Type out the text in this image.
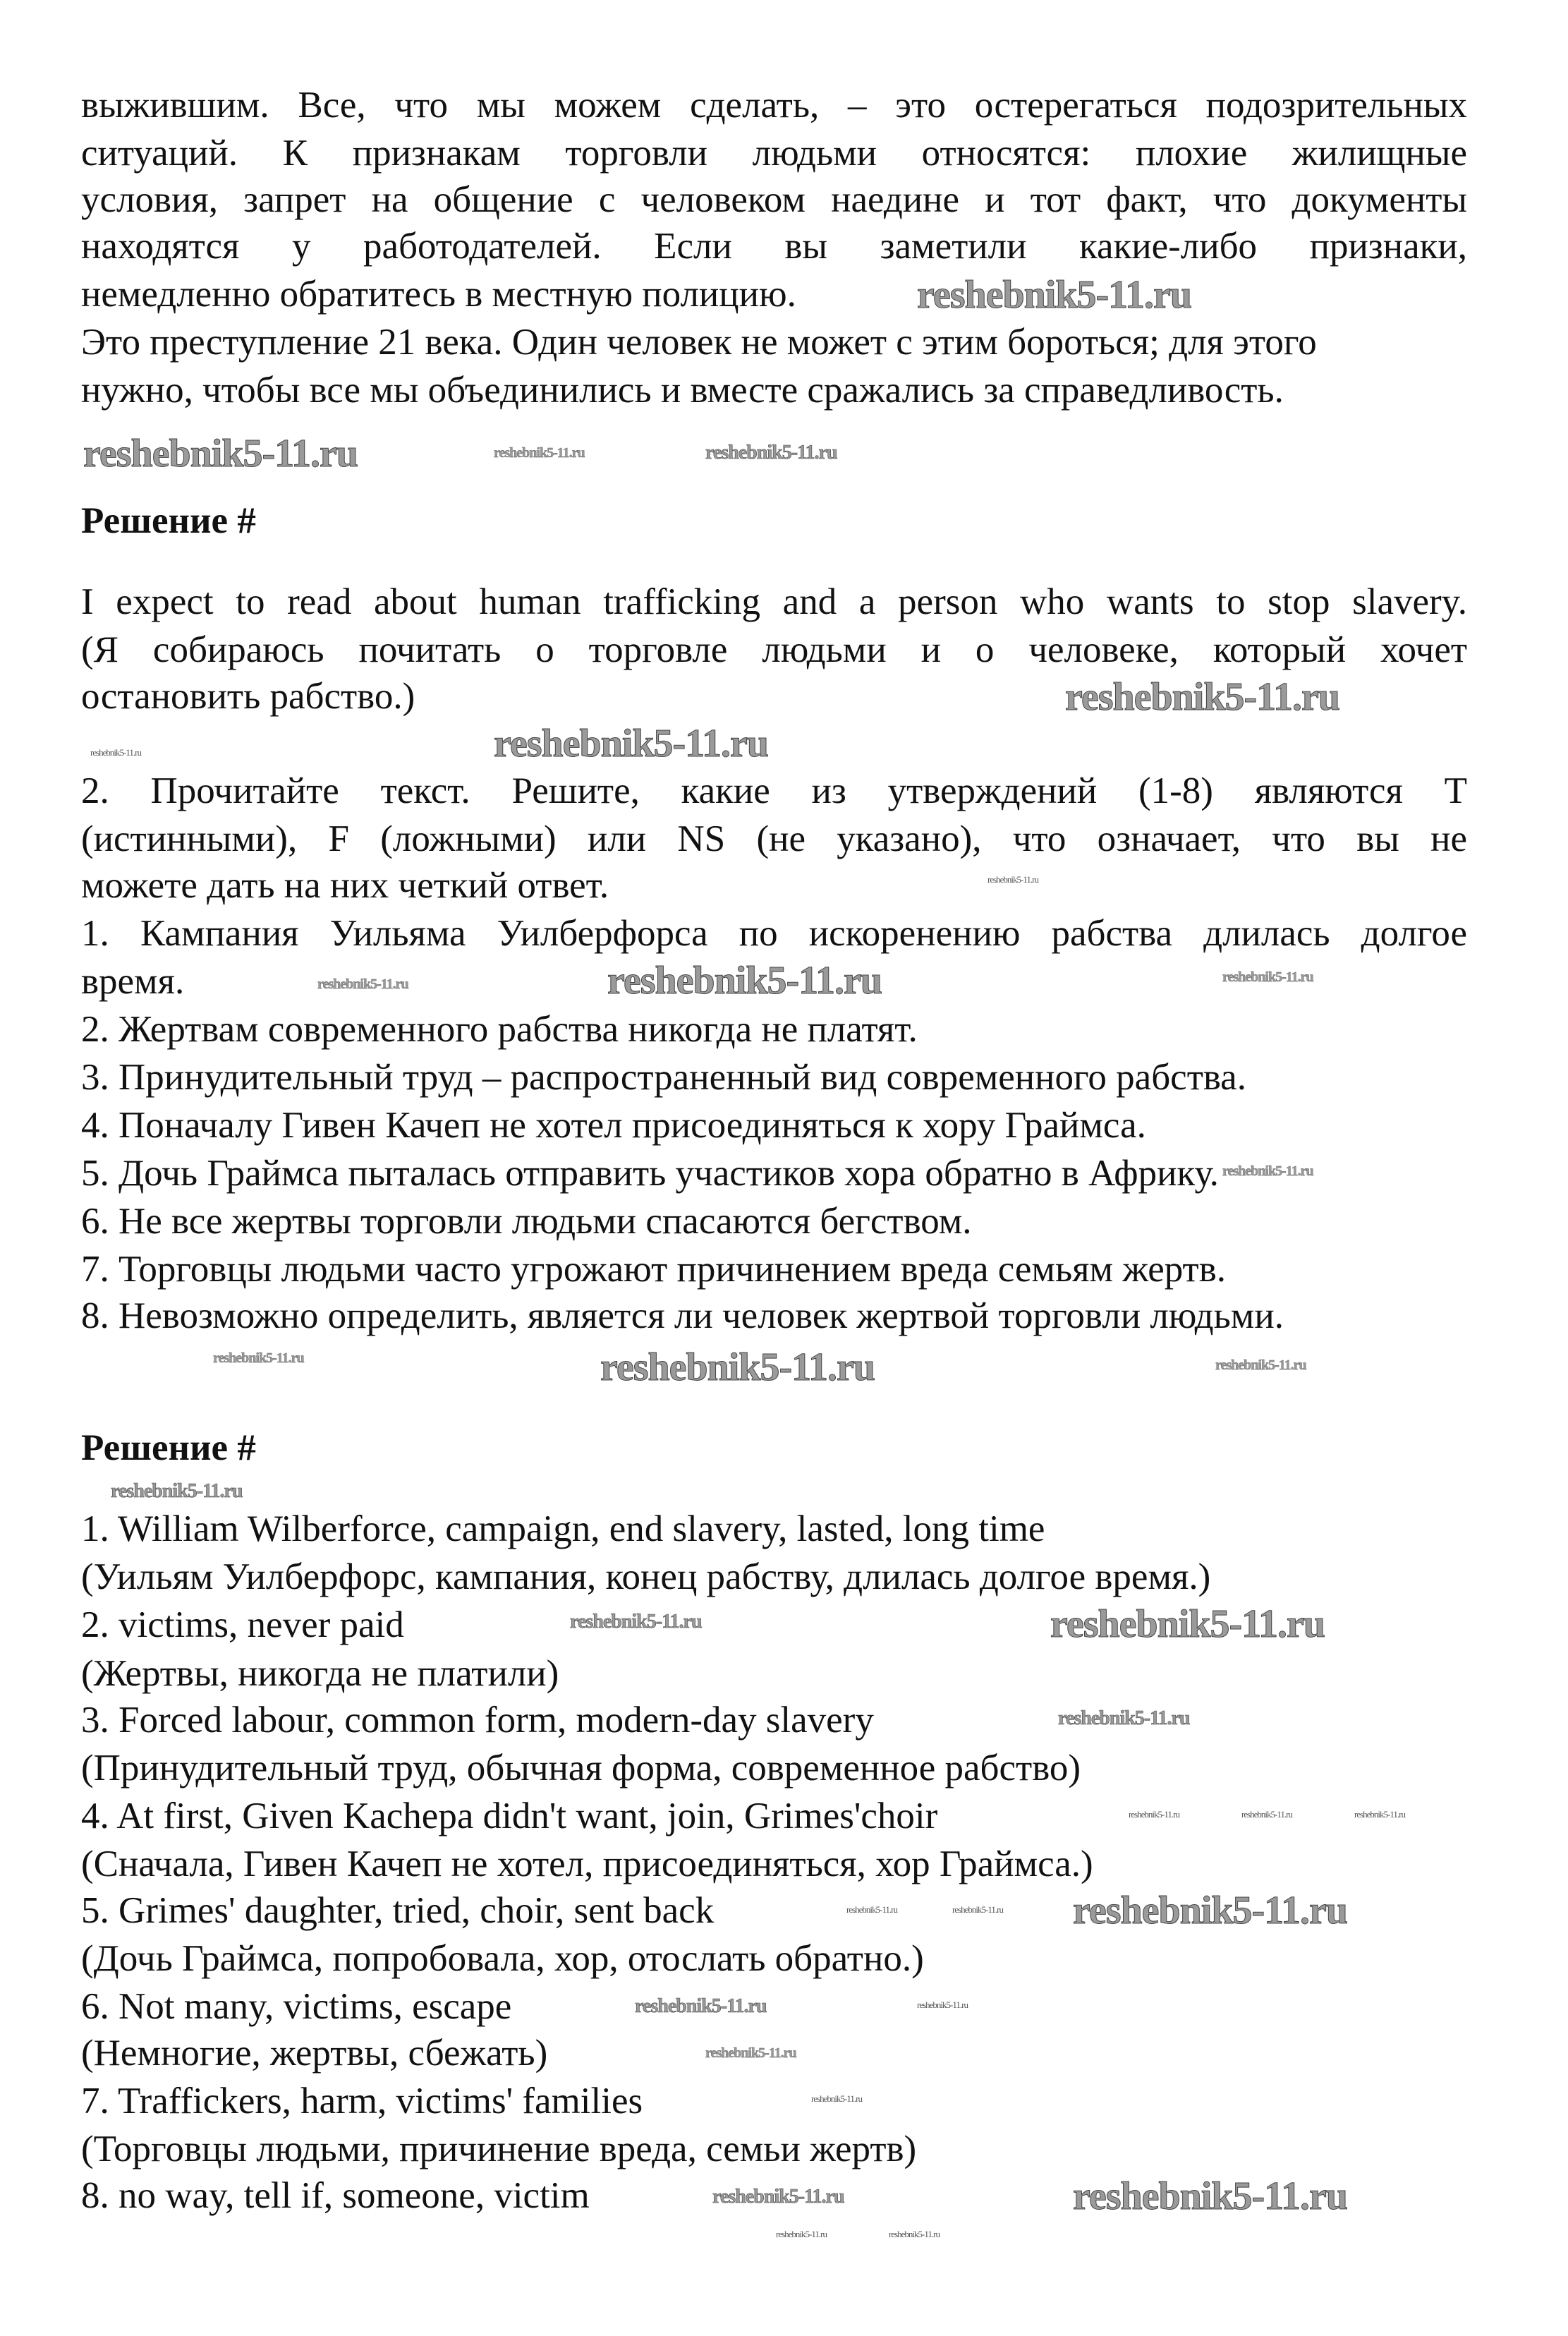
выжившим. Все, что мы можем сделать, – это остерегаться подозрительных
ситуаций. К признакам торговли людьми относятся: плохие жилищные
условия, запрет на общение с человеком наедине и тот факт, что документы
находятся у работодателей. Если вы заметили какие-либо признаки,
немедленно обратитесь в местную полицию.
Это преступление 21 века. Один человек не может с этим бороться; для этого
нужно, чтобы все мы объединились и вместе сражались за справедливость.
Решение #
I expect to read about human trafficking and a person who wants to stop slavery.
(Я собираюсь почитать о торговле людьми и о человеке, который хочет
остановить рабство.)
2. Прочитайте текст. Решите, какие из утверждений (1-8) являются T
(истинными), F (ложными) или NS (не указано), что означает, что вы не
можете дать на них четкий ответ.
1. Кампания Уильяма Уилберфорса по искоренению рабства длилась долгое
время.
2. Жертвам современного рабства никогда не платят.
3. Принудительный труд – распространенный вид современного рабства.
4. Поначалу Гивен Качеп не хотел присоединяться к хору Граймса.
5. Дочь Граймса пыталась отправить участиков хора обратно в Африку.
6. Не все жертвы торговли людьми спасаются бегством.
7. Торговцы людьми часто угрожают причинением вреда семьям жертв.
8. Невозможно определить, является ли человек жертвой торговли людьми.
Решение #
1. William Wilberforce, campaign, end slavery, lasted, long time
(Уильям Уилберфорс, кампания, конец рабству, длилась долгое время.)
2. victims, never paid
(Жертвы, никогда не платили)
3. Forced labour, common form, modern-day slavery
(Принудительный труд, обычная форма, современное рабство)
4. At first, Given Kachepa didn't want, join, Grimes'choir
(Сначала, Гивен Качеп не хотел, присоединяться, хор Граймса.)
5. Grimes' daughter, tried, choir, sent back
(Дочь Граймса, попробовала, хор, отослать обратно.)
6. Not many, victims, escape
(Немногие, жертвы, сбежать)
7. Traffickers, harm, victims' families
(Торговцы людьми, причинение вреда, семьи жертв)
8. no way, tell if, someone, victim
reshebnik5-11.ru
reshebnik5-11.ru
reshebnik5-11.ru
reshebnik5-11.ru
reshebnik5-11.ru
reshebnik5-11.ru
reshebnik5-11.ru
reshebnik5-11.ru
reshebnik5-11.ru
reshebnik5-11.ru	reshebnik5-11.ru
reshebnik5-11.ru
reshebnik5-11.ru
reshebnik5-11.ru
reshebnik5-11.ru
reshebnik5-11.ru
reshebnik5-11.ru	reshebnik5-11.ru
reshebnik5-11.ru
reshebnik5-11.ru
reshebnik5-11.ru
reshebnik5-11.ru
reshebnik5-11.ru
reshebnik5-11.ru
reshebnik5-11.ru	reshebnik5-11.ru	reshebnik5-11.ru
reshebnik5-11.ru	reshebnik5-11.ru
reshebnik5-11.ru
reshebnik5-11.ru
reshebnik5-11.ru	reshebnik5-11.ru
